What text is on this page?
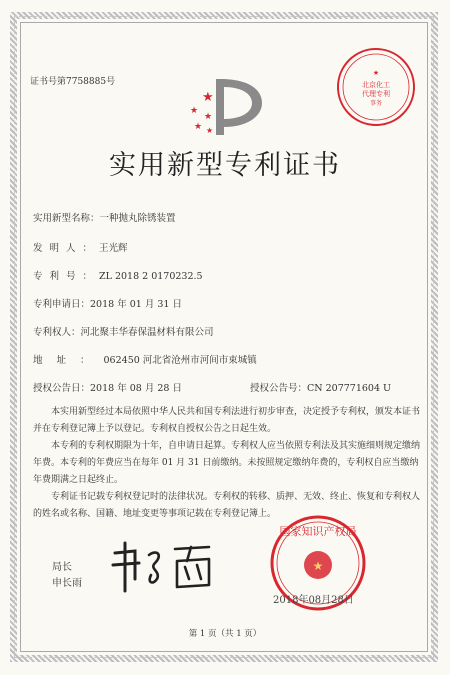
证书号第7758885号
★
北京化工
代理专利
事务
★
★
★
★ ★
实用新型专利证书
实用新型名称：一种抛丸除锈装置
发明人：王光辉
专利号：ZL 2018 2 0170232.5
专利申请日：2018 年 01 月 31 日
专利权人：河北聚丰华春保温材料有限公司
地址：062450 河北省沧州市河间市束城镇
授权公告日：2018 年 08 月 28 日	授权公告号：CN 207771604 U

本实用新型经过本局依照中华人民共和国专利法进行初步审查，决定授予专利权，颁发本证书并在专利登记簿上予以登记。专利权自授权公告之日起生效。

本专利的专利权期限为十年，自申请日起算。专利权人应当依照专利法及其实施细则规定缴纳年费。本专利的年费应当在每年 01 月 31 日前缴纳。未按照规定缴纳年费的，专利权自应当缴纳年费期满之日起终止。

专利证书记载专利权登记时的法律状况。专利权的转移、质押、无效、终止、恢复和专利权人的姓名或名称、国籍、地址变更等事项记载在专利登记簿上。

局长
申长雨
国家知识产权局
★
2018年08月28日
第 1 页（共 1 页）
